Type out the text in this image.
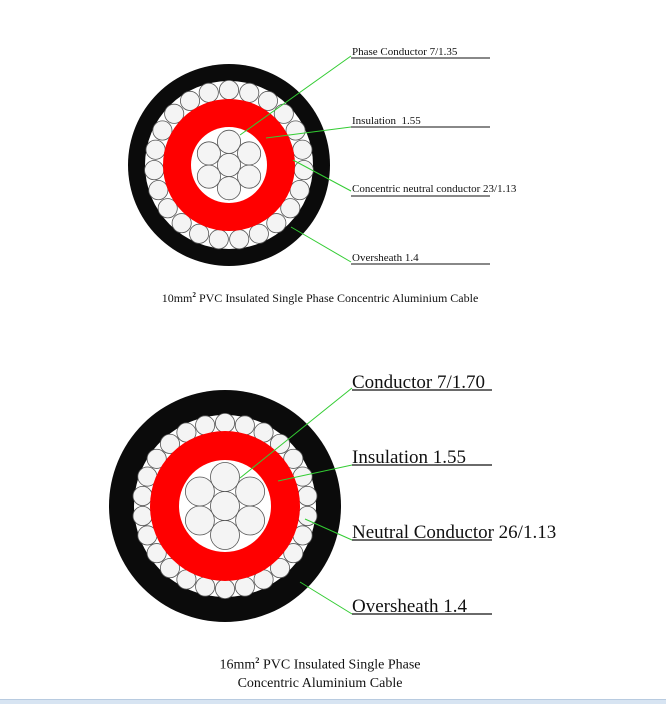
Phase Conductor 7/1.35
Insulation  1.55
Concentric neutral conductor 23/1.13
Oversheath 1.4
Conductor 7/1.70
Insulation 1.55
Neutral Conductor 26/1.13
Oversheath 1.4
$10mm^2$ PVC Insulated Single Phase Concentric Aluminium Cable
$16mm^2$ PVC Insulated Single Phase
Concentric Aluminium Cable
